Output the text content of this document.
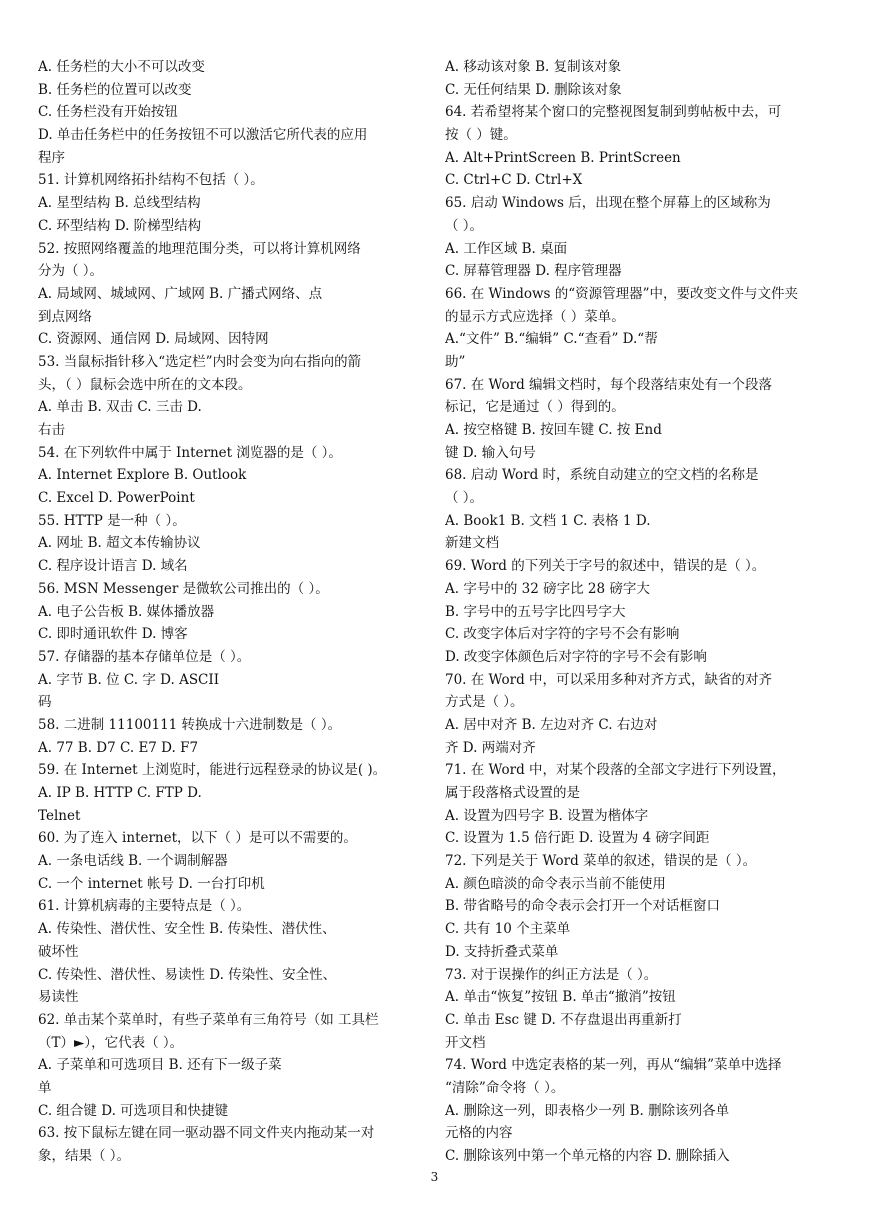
A. 任务栏的大小不可以改变
B. 任务栏的位置可以改变
C. 任务栏没有开始按钮
D. 单击任务栏中的任务按钮不可以激活它所代表的应用
程序
51. 计算机网络拓扑结构不包括（ ）。
A. 星型结构 B. 总线型结构
C. 环型结构 D. 阶梯型结构
52. 按照网络覆盖的地理范围分类，可以将计算机网络
分为（ ）。
A. 局域网、城域网、广域网 B. 广播式网络、点
到点网络
C. 资源网、通信网 D. 局域网、因特网
53. 当鼠标指针移入“选定栏”内时会变为向右指向的箭
头，（ ）鼠标会选中所在的文本段。
A. 单击 B. 双击 C. 三击 D.
右击
54. 在下列软件中属于 Internet 浏览器的是（ ）。
A. Internet Explore B. Outlook
C. Excel D. PowerPoint
55. HTTP 是一种（ ）。
A. 网址 B. 超文本传输协议
C. 程序设计语言 D. 域名
56. MSN Messenger 是微软公司推出的（ ）。
A. 电子公告板 B. 媒体播放器
C. 即时通讯软件 D. 博客
57. 存储器的基本存储单位是（ ）。
A. 字节 B. 位 C. 字 D. ASCII
码
58. 二进制 11100111 转换成十六进制数是（ ）。
A. 77 B. D7 C. E7 D. F7
59. 在 Internet 上浏览时，能进行远程登录的协议是( )。
A. IP B. HTTP C. FTP D.
Telnet
60. 为了连入 internet，以下（ ）是可以不需要的。
A. 一条电话线 B. 一个调制解器
C. 一个 internet 帐号 D. 一台打印机
61. 计算机病毒的主要特点是（ ）。
A. 传染性、潜伏性、安全性 B. 传染性、潜伏性、
破坏性
C. 传染性、潜伏性、易读性 D. 传染性、安全性、
易读性
62. 单击某个菜单时，有些子菜单有三角符号（如 工具栏
（T）►），它代表（ ）。
A. 子菜单和可选项目 B. 还有下一级子菜
单
C. 组合键 D. 可选项目和快捷键
63. 按下鼠标左键在同一驱动器不同文件夹内拖动某一对
象，结果（ ）。
A. 移动该对象 B. 复制该对象
C. 无任何结果 D. 删除该对象
64. 若希望将某个窗口的完整视图复制到剪帖板中去，可
按（ ）键。
A. Alt+PrintScreen B. PrintScreen
C. Ctrl+C D. Ctrl+X
65. 启动 Windows 后，出现在整个屏幕上的区域称为
（ ）。
A. 工作区域 B. 桌面
C. 屏幕管理器 D. 程序管理器
66. 在 Windows 的“资源管理器”中，要改变文件与文件夹
的显示方式应选择（ ）菜单。
A.“文件” B.“编辑” C.“查看” D.“帮
助”
67. 在 Word 编辑文档时，每个段落结束处有一个段落
标记，它是通过（ ）得到的。
A. 按空格键 B. 按回车键 C. 按 End
键 D. 输入句号
68. 启动 Word 时，系统自动建立的空文档的名称是
（ ）。
A. Book1 B. 文档 1 C. 表格 1 D.
新建文档
69. Word 的下列关于字号的叙述中，错误的是（ ）。
A. 字号中的 32 磅字比 28 磅字大
B. 字号中的五号字比四号字大
C. 改变字体后对字符的字号不会有影响
D. 改变字体颜色后对字符的字号不会有影响
70. 在 Word 中，可以采用多种对齐方式，缺省的对齐
方式是（ ）。
A. 居中对齐 B. 左边对齐 C. 右边对
齐 D. 两端对齐
71. 在 Word 中，对某个段落的全部文字进行下列设置，
属于段落格式设置的是
A. 设置为四号字 B. 设置为楷体字
C. 设置为 1.5 倍行距 D. 设置为 4 磅字间距
72. 下列是关于 Word 菜单的叙述，错误的是（ ）。
A. 颜色暗淡的命令表示当前不能使用
B. 带省略号的命令表示会打开一个对话框窗口
C. 共有 10 个主菜单
D. 支持折叠式菜单
73. 对于误操作的纠正方法是（ ）。
A. 单击“恢复”按钮 B. 单击“撤消”按钮
C. 单击 Esc 键 D. 不存盘退出再重新打
开文档
74. Word 中选定表格的某一列，再从“编辑”菜单中选择
“清除”命令将（ ）。
A. 删除这一列，即表格少一列 B. 删除该列各单
元格的内容
C. 删除该列中第一个单元格的内容 D. 删除插入
3
